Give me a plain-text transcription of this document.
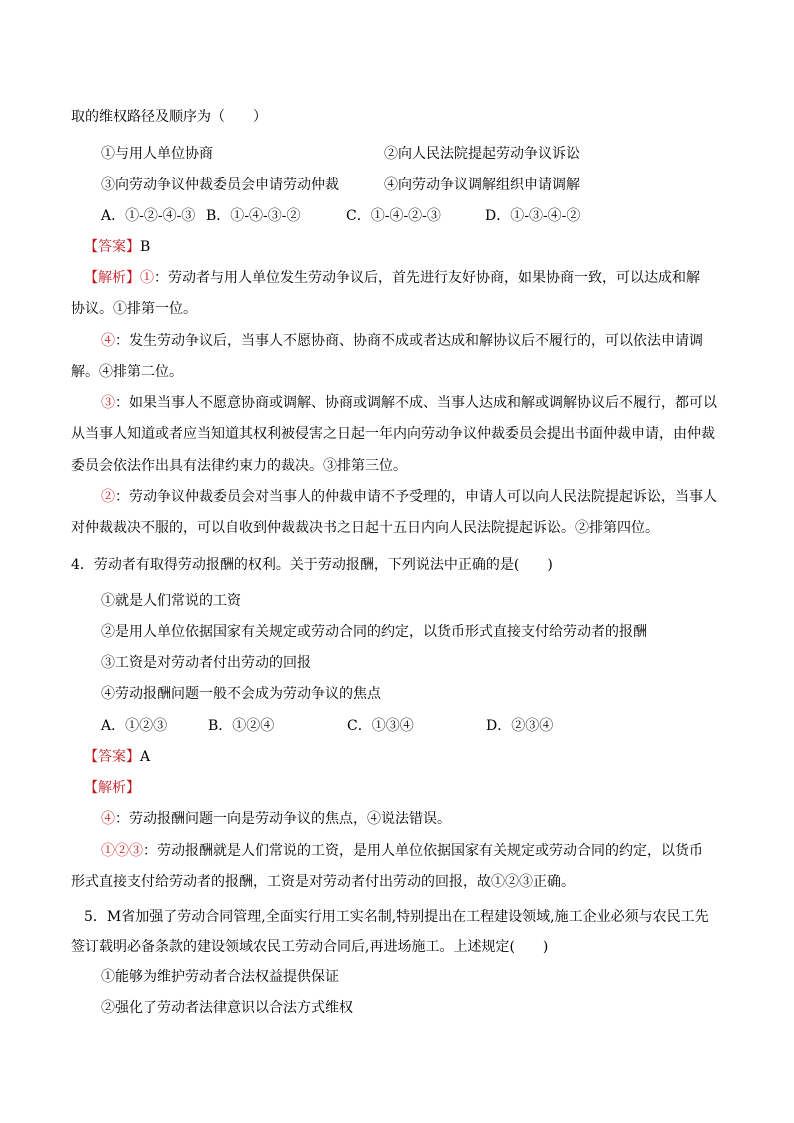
取的维权路径及顺序为（　　）
①与用人单位协商	②向人民法院提起劳动争议诉讼
③向劳动争议仲裁委员会申请劳动仲裁	④向劳动争议调解组织申请调解
A．①-②-④-③ B．①-④-③-②	C．①-④-②-③	D．①-③-④-②
【答案】B
【解析】①：劳动者与用人单位发生劳动争议后，首先进行友好协商，如果协商一致，可以达成和解
协议。①排第一位。
④：发生劳动争议后，当事人不愿协商、协商不成或者达成和解协议后不履行的，可以依法申请调
解。④排第二位。
③：如果当事人不愿意协商或调解、协商或调解不成、当事人达成和解或调解协议后不履行，都可以
从当事人知道或者应当知道其权利被侵害之日起一年内向劳动争议仲裁委员会提出书面仲裁申请，由仲裁
委员会依法作出具有法律约束力的裁决。③排第三位。
②：劳动争议仲裁委员会对当事人的仲裁申请不予受理的，申请人可以向人民法院提起诉讼，当事人
对仲裁裁决不服的，可以自收到仲裁裁决书之日起十五日内向人民法院提起诉讼。②排第四位。
4．劳动者有取得劳动报酬的权利。关于劳动报酬，下列说法中正确的是(　　)
①就是人们常说的工资
②是用人单位依据国家有关规定或劳动合同的约定，以货币形式直接支付给劳动者的报酬
③工资是对劳动者付出劳动的回报
④劳动报酬问题一般不会成为劳动争议的焦点
A．①②③	B．①②④	C．①③④	D．②③④
【答案】A
【解析】
④：劳动报酬问题一向是劳动争议的焦点，④说法错误。
①②③：劳动报酬就是人们常说的工资，是用人单位依据国家有关规定或劳动合同的约定，以货币
形式直接支付给劳动者的报酬，工资是对劳动者付出劳动的回报，故①②③正确。
5．M省加强了劳动合同管理,全面实行用工实名制,特别提出在工程建设领域,施工企业必须与农民工先
签订载明必备条款的建设领域农民工劳动合同后,再进场施工。上述规定(　　)
①能够为维护劳动者合法权益提供保证
②强化了劳动者法律意识以合法方式维权
